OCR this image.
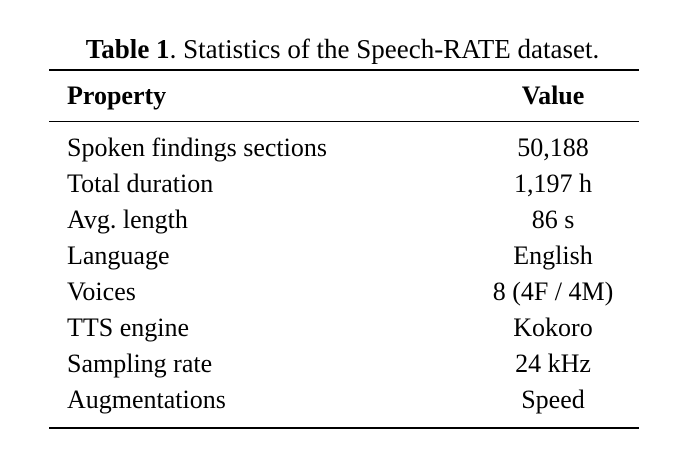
Table 1. Statistics of the Speech-RATE dataset.
Property	Value
Spoken findings sections	50,188
Total duration	1,197 h
Avg. length	86 s
Language	English
Voices	8 (4F / 4M)
TTS engine	Kokoro
Sampling rate	24 kHz
Augmentations	Speed
